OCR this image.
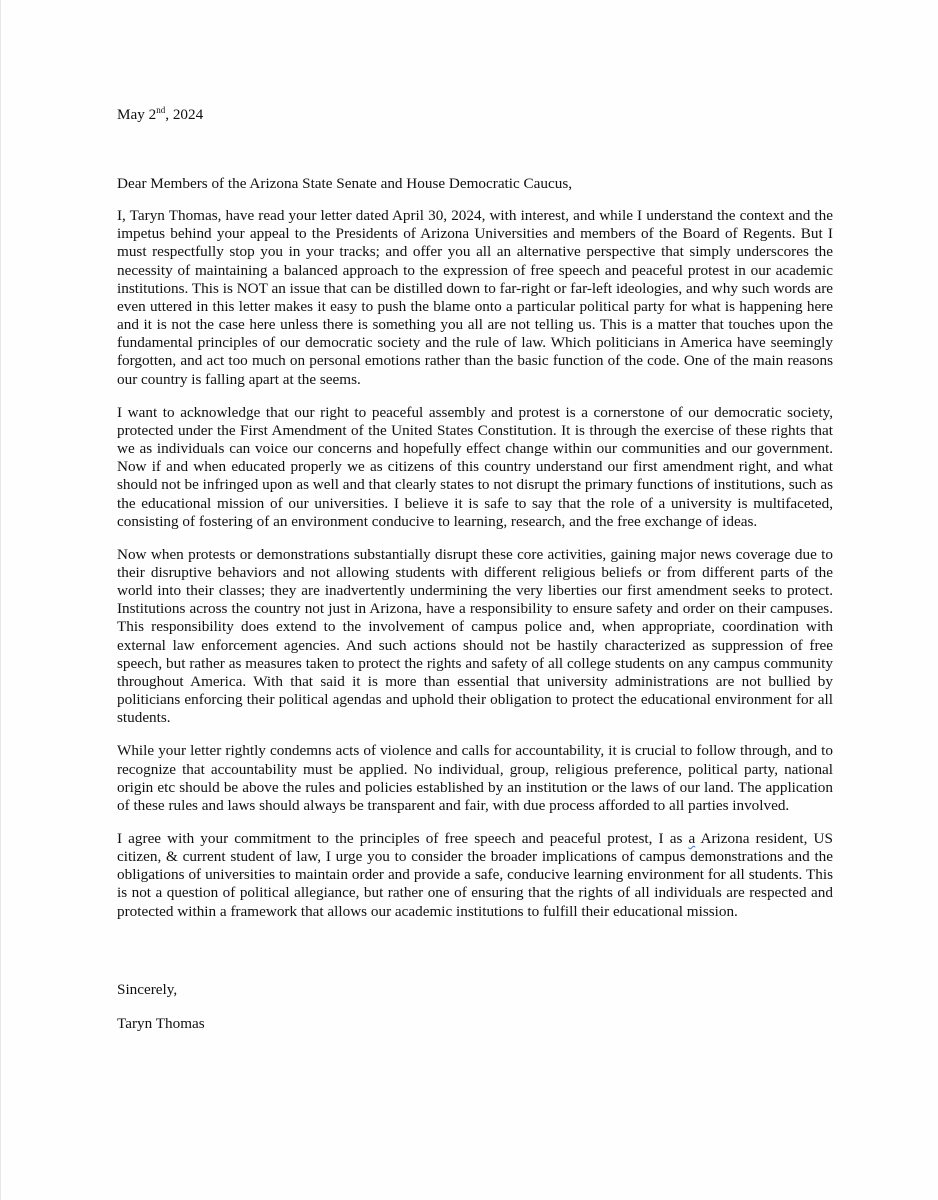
May 2nd, 2024

Dear Members of the Arizona State Senate and House Democratic Caucus,

I, Taryn Thomas, have read your letter dated April 30, 2024, with interest, and while I understand the context and the impetus behind your appeal to the Presidents of Arizona Universities and members of the Board of Regents. But I must respectfully stop you in your tracks; and offer you all an alternative perspective that simply underscores the necessity of maintaining a balanced approach to the expression of free speech and peaceful protest in our academic institutions. This is NOT an issue that can be distilled down to far-right or far-left ideologies, and why such words are even uttered in this letter makes it easy to push the blame onto a particular political party for what is happening here and it is not the case here unless there is something you all are not telling us. This is a matter that touches upon the fundamental principles of our democratic society and the rule of law. Which politicians in America have seemingly forgotten, and act too much on personal emotions rather than the basic function of the code. One of the main reasons our country is falling apart at the seems.

I want to acknowledge that our right to peaceful assembly and protest is a cornerstone of our democratic society, protected under the First Amendment of the United States Constitution. It is through the exercise of these rights that we as individuals can voice our concerns and hopefully effect change within our communities and our government. Now if and when educated properly we as citizens of this country understand our first amendment right, and what should not be infringed upon as well and that clearly states to not disrupt the primary functions of institutions, such as the educational mission of our universities. I believe it is safe to say that the role of a university is multifaceted, consisting of fostering of an environment conducive to learning, research, and the free exchange of ideas.

Now when protests or demonstrations substantially disrupt these core activities, gaining major news coverage due to their disruptive behaviors and not allowing students with different religious beliefs or from different parts of the world into their classes; they are inadvertently undermining the very liberties our first amendment seeks to protect. Institutions across the country not just in Arizona, have a responsibility to ensure safety and order on their campuses. This responsibility does extend to the involvement of campus police and, when appropriate, coordination with external law enforcement agencies. And such actions should not be hastily characterized as suppression of free speech, but rather as measures taken to protect the rights and safety of all college students on any campus community throughout America. With that said it is more than essential that university administrations are not bullied by politicians enforcing their political agendas and uphold their obligation to protect the educational environment for all students.

While your letter rightly condemns acts of violence and calls for accountability, it is crucial to follow through, and to recognize that accountability must be applied. No individual, group, religious preference, political party, national origin etc should be above the rules and policies established by an institution or the laws of our land. The application of these rules and laws should always be transparent and fair, with due process afforded to all parties involved.

I agree with your commitment to the principles of free speech and peaceful protest, I as a Arizona resident, US citizen, & current student of law, I urge you to consider the broader implications of campus demonstrations and the obligations of universities to maintain order and provide a safe, conducive learning environment for all students. This is not a question of political allegiance, but rather one of ensuring that the rights of all individuals are respected and protected within a framework that allows our academic institutions to fulfill their educational mission.

Sincerely,

Taryn Thomas
